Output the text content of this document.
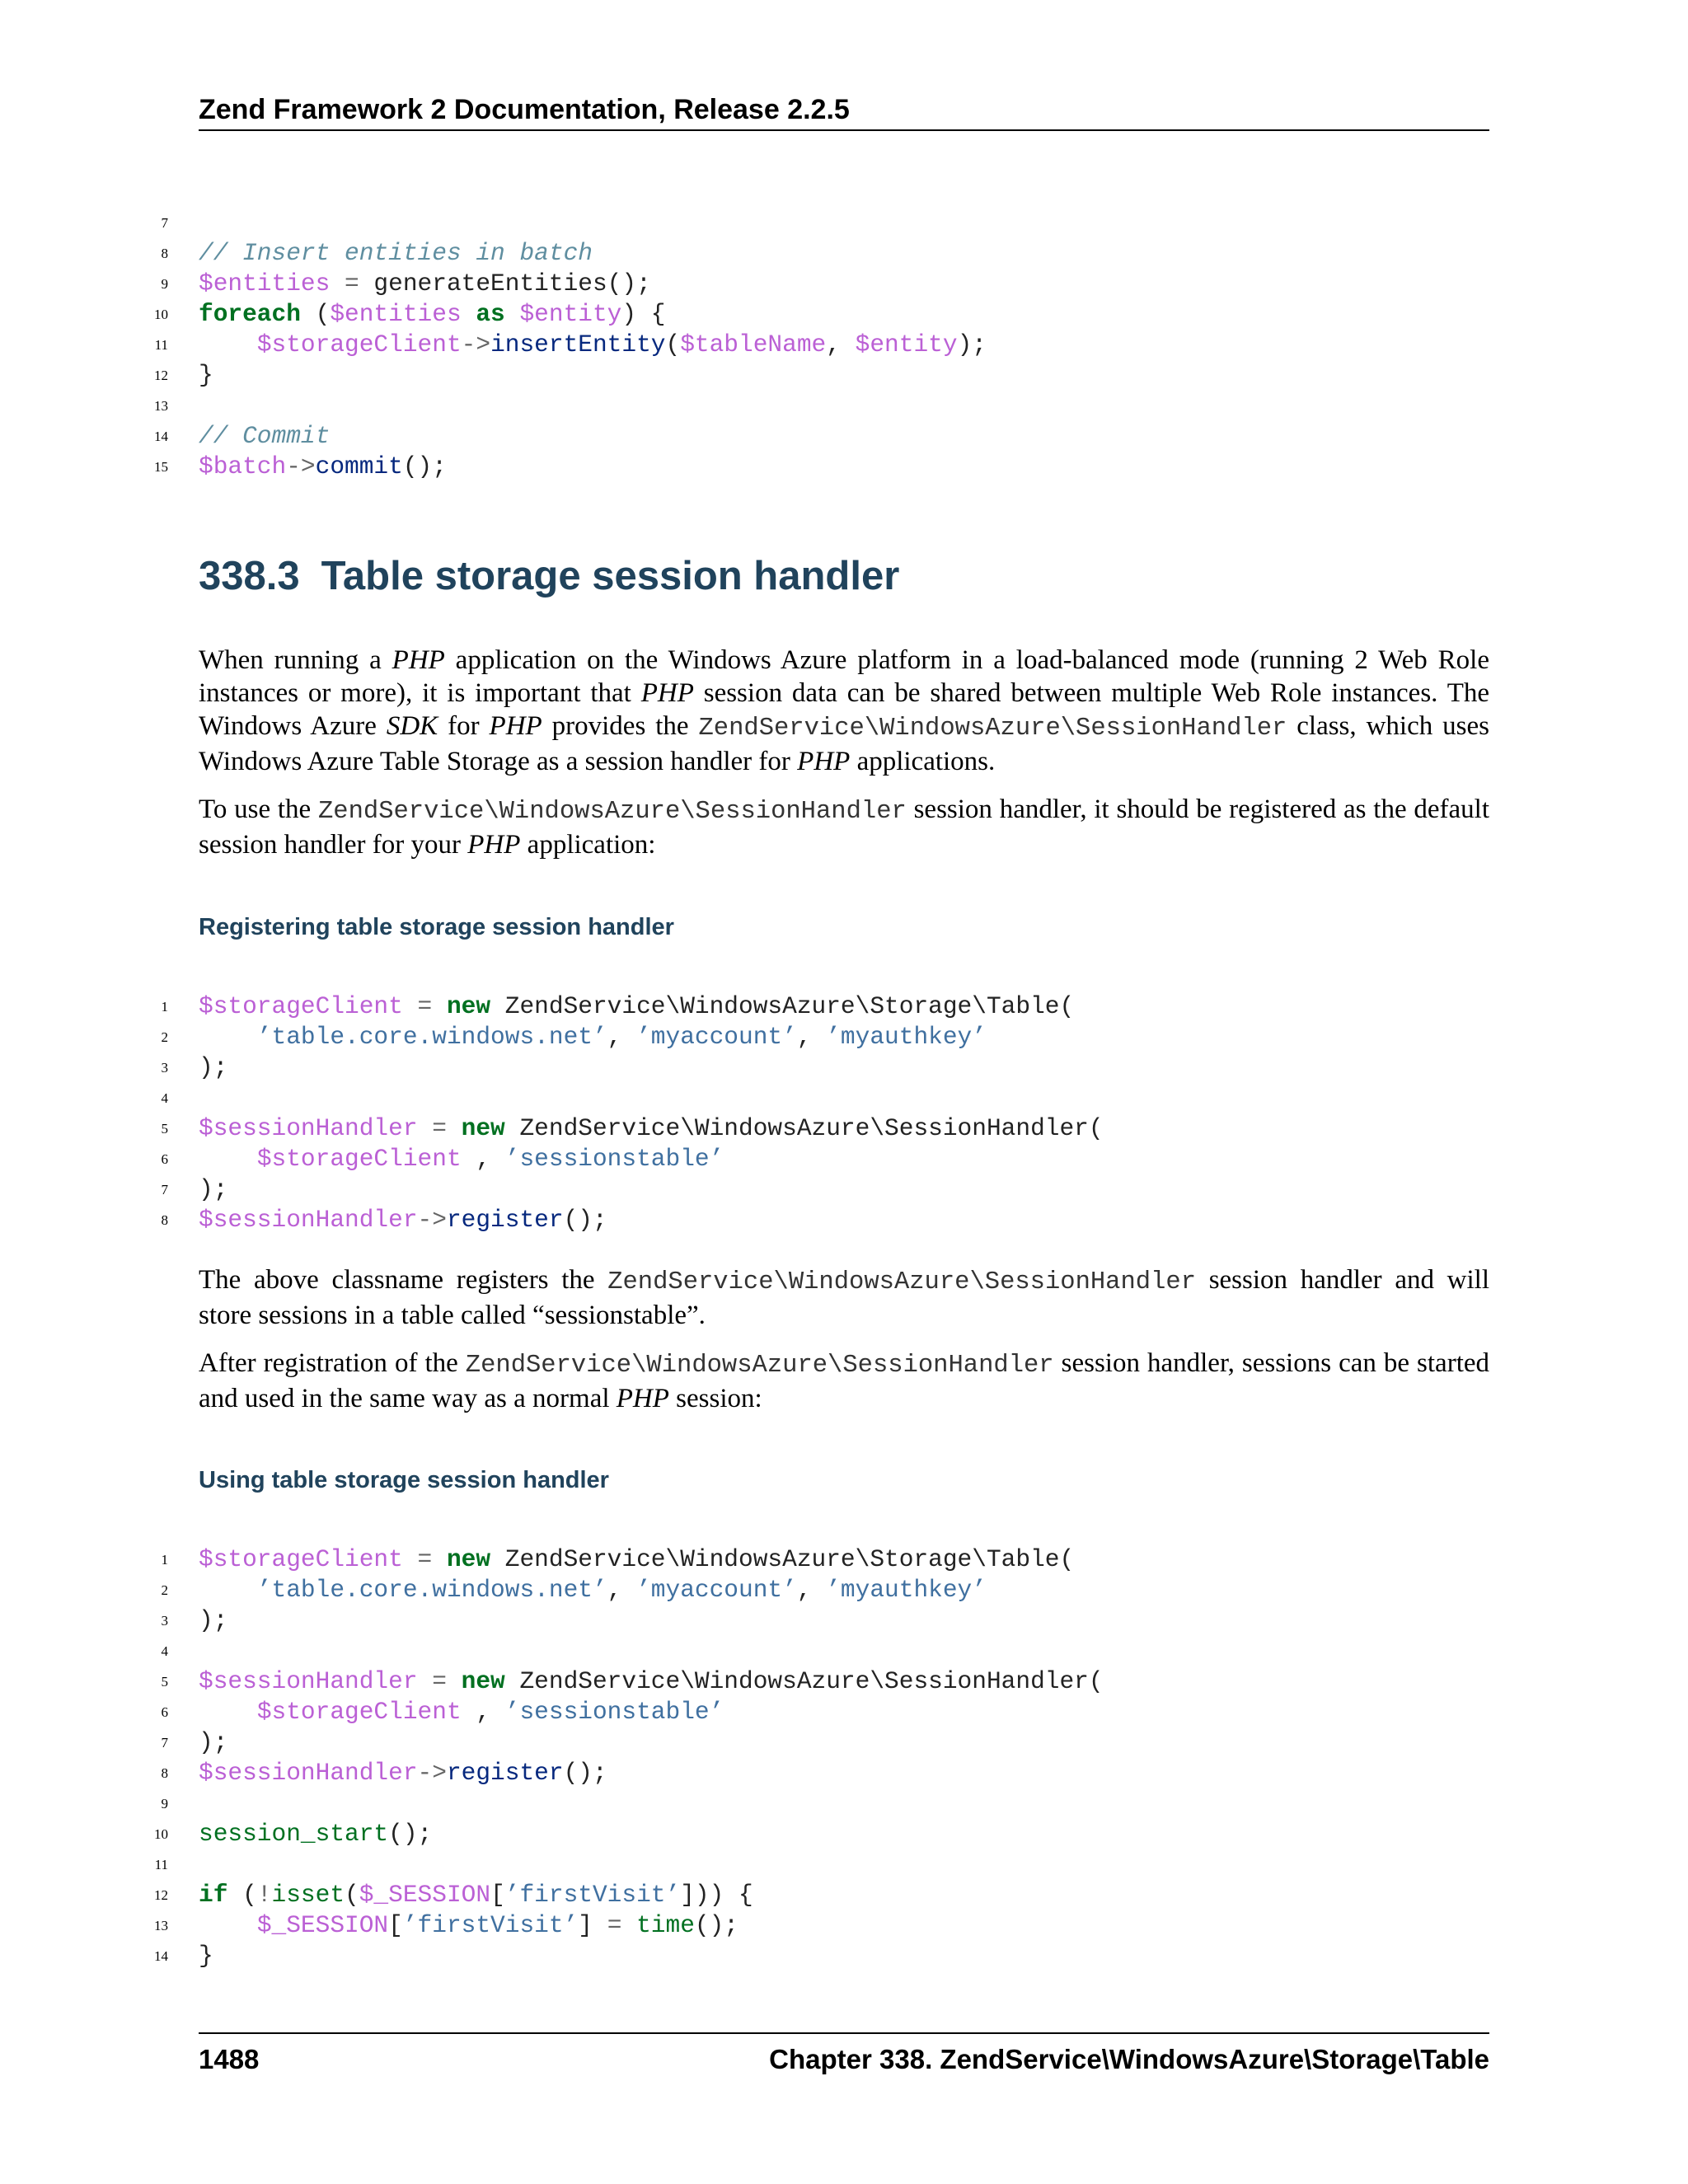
Zend Framework 2 Documentation, Release 2.2.5
7
8 // Insert entities in batch
9 $entities = generateEntities();
10 foreach ($entities as $entity) {
11	$storageClient->insertEntity($tableName, $entity);
12 }
13
14 // Commit
15 $batch->commit();
338.3 Table storage session handler

When running a PHP application on the Windows Azure platform in a load-balanced mode (running 2 Web Role instances or more), it is important that PHP session data can be shared between multiple Web Role instances. The Windows Azure SDK for PHP provides the ZendService\WindowsAzure\SessionHandler class, which uses Windows Azure Table Storage as a session handler for PHP applications.

To use the ZendService\WindowsAzure\SessionHandler session handler, it should be registered as the default session handler for your PHP application:

Registering table storage session handler
1 $storageClient = new ZendService\WindowsAzure\Storage\Table(
2	’table.core.windows.net’, ’myaccount’, ’myauthkey’
3 );
4
5 $sessionHandler = new ZendService\WindowsAzure\SessionHandler(
6	$storageClient , ’sessionstable’
7 );
8 $sessionHandler->register();

The above classname registers the ZendService\WindowsAzure\SessionHandler session handler and will store sessions in a table called “sessionstable”.

After registration of the ZendService\WindowsAzure\SessionHandler session handler, sessions can be started and used in the same way as a normal PHP session:

Using table storage session handler
1 $storageClient = new ZendService\WindowsAzure\Storage\Table(
2	’table.core.windows.net’, ’myaccount’, ’myauthkey’
3 );
4
5 $sessionHandler = new ZendService\WindowsAzure\SessionHandler(
6	$storageClient , ’sessionstable’
7 );
8 $sessionHandler->register();
9
10 session_start();
11
12 if (!isset($_SESSION[’firstVisit’])) {
13	$_SESSION[’firstVisit’] = time();
14 }
1488	Chapter 338. ZendService\WindowsAzure\Storage\Table
